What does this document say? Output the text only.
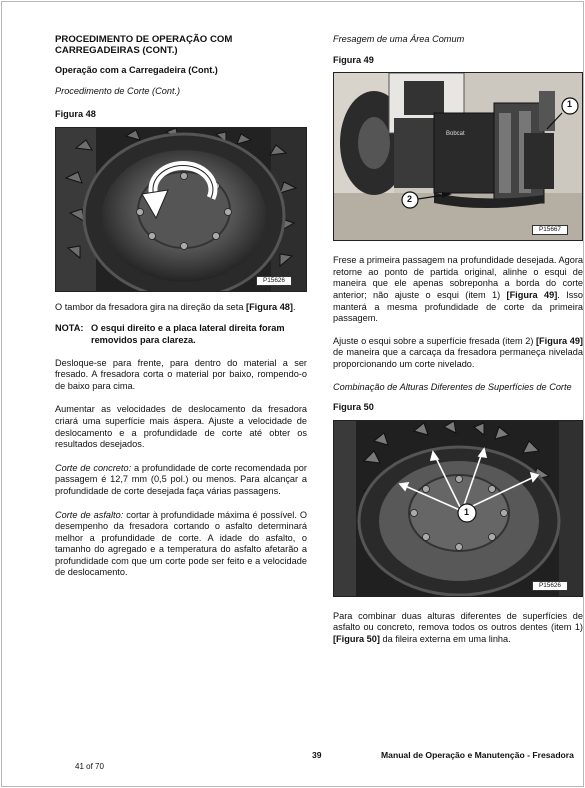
PROCEDIMENTO DE OPERAÇÃO COM CARREGADEIRAS (CONT.)
Operação com a Carregadeira (Cont.)
Procedimento de Corte (Cont.)
Figura 48
P15626

O tambor da fresadora gira na direção da seta [Figura 48].

NOTA: O esqui direito e a placa lateral direita foram removidos para clareza.

Desloque-se para frente, para dentro do material a ser fresado. A fresadora corta o material por baixo, rompendo-o de baixo para cima.

Aumentar as velocidades de deslocamento da fresadora criará uma superfície mais áspera. Ajuste a velocidade de deslocamento e a profundidade de corte até obter os resultados desejados.

Corte de concreto: a profundidade de corte recomendada por passagem é 12,7 mm (0,5 pol.) ou menos. Para alcançar a profundidade de corte desejada faça várias passagens.

Corte de asfalto: cortar à profundidade máxima é possível. O desempenho da fresadora cortando o asfalto determinará melhor a profundidade de corte. A idade do asfalto, o tamanho do agregado e a temperatura do asfalto afetarão a profundidade com que um corte pode ser feito e a velocidade de deslocamento.

Fresagem de uma Área Comum
Figura 49
Bobcat
1
2
P15667

Frese a primeira passagem na profundidade desejada. Agora retorne ao ponto de partida original, alinhe o esqui de maneira que ele apenas sobreponha a borda do corte anterior; não ajuste o esqui (item 1) [Figura 49]. Isso manterá a mesma profundidade de corte da primeira passagem.

Ajuste o esqui sobre a superfície fresada (item 2) [Figura 49] de maneira que a carcaça da fresadora permaneça nivelada proporcionando um corte nivelado.

Combinação de Alturas Diferentes de Superfícies de Corte
Figura 50
1
P15626

Para combinar duas alturas diferentes de superfícies de asfalto ou concreto, remova todos os outros dentes (item 1) [Figura 50] da fileira externa em uma linha.

39	Manual de Operação e Manutenção - Fresadora
41 of 70
